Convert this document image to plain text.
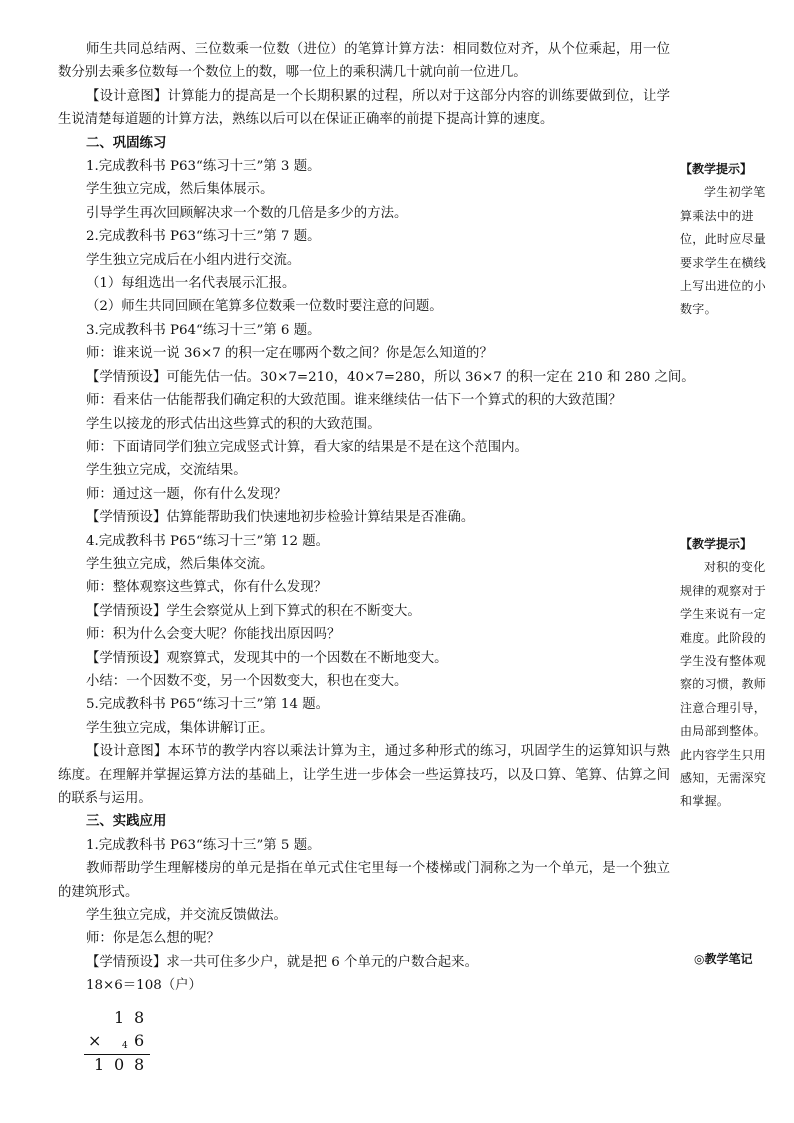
师生共同总结两、三位数乘一位数（进位）的笔算计算方法：相同数位对齐，从个位乘起，用一位数分别去乘多位数每一个数位上的数，哪一位上的乘积满几十就向前一位进几。

【设计意图】计算能力的提高是一个长期积累的过程，所以对于这部分内容的训练要做到位，让学生说清楚每道题的计算方法，熟练以后可以在保证正确率的前提下提高计算的速度。

二、巩固练习

1.完成教科书 P63“练习十三”第 3 题。

学生独立完成，然后集体展示。

引导学生再次回顾解决求一个数的几倍是多少的方法。

2.完成教科书 P63“练习十三”第 7 题。

学生独立完成后在小组内进行交流。

（1）每组选出一名代表展示汇报。

（2）师生共同回顾在笔算多位数乘一位数时要注意的问题。

3.完成教科书 P64“练习十三”第 6 题。

师：谁来说一说 36×7 的积一定在哪两个数之间？你是怎么知道的？

【学情预设】可能先估一估。30×7=210，40×7=280，所以 36×7 的积一定在 210 和 280 之间。

师：看来估一估能帮我们确定积的大致范围。谁来继续估一估下一个算式的积的大致范围？

学生以接龙的形式估出这些算式的积的大致范围。

师：下面请同学们独立完成竖式计算，看大家的结果是不是在这个范围内。

学生独立完成，交流结果。

师：通过这一题，你有什么发现？

【学情预设】估算能帮助我们快速地初步检验计算结果是否准确。

4.完成教科书 P65“练习十三”第 12 题。

学生独立完成，然后集体交流。

师：整体观察这些算式，你有什么发现？

【学情预设】学生会察觉从上到下算式的积在不断变大。

师：积为什么会变大呢？你能找出原因吗？

【学情预设】观察算式，发现其中的一个因数在不断地变大。

小结：一个因数不变，另一个因数变大，积也在变大。

5.完成教科书 P65“练习十三”第 14 题。

学生独立完成，集体讲解订正。

【设计意图】本环节的教学内容以乘法计算为主，通过多种形式的练习，巩固学生的运算知识与熟练度。在理解并掌握运算方法的基础上，让学生进一步体会一些运算技巧，以及口算、笔算、估算之间的联系与运用。

三、实践应用

1.完成教科书 P63“练习十三”第 5 题。

教师帮助学生理解楼房的单元是指在单元式住宅里每一个楼梯或门洞称之为一个单元，是一个独立的建筑形式。

学生独立完成，并交流反馈做法。

师：你是怎么想的呢？

【学情预设】求一共可住多少户，就是把 6 个单元的户数合起来。

18×6＝108（户）

【教学提示】
学生初学笔算乘法中的进位，此时应尽量要求学生在横线上写出进位的小数字。
【教学提示】
对积的变化规律的观察对于学生来说有一定难度。此阶段的学生没有整体观察的习惯，教师注意合理引导，由局部到整体。此内容学生只用感知，无需深究和掌握。
◎教学笔记
1 8
× 4 6
1 0 8
